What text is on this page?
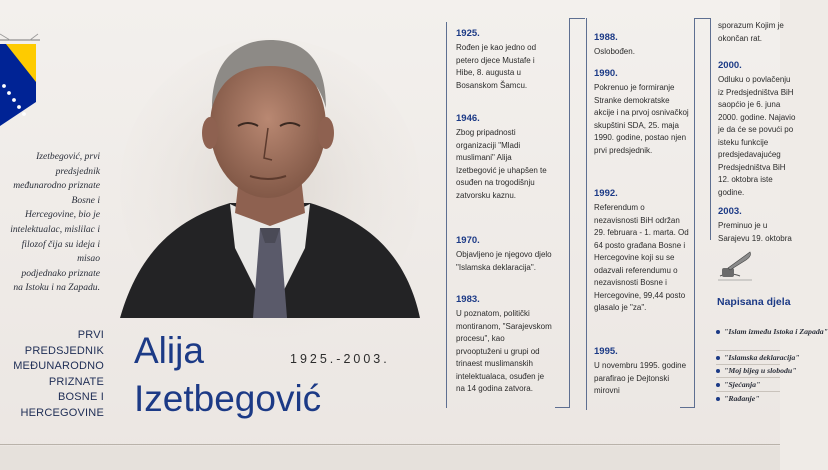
Izetbegović, prvi
predsjednik
međunarodno priznate
Bosne i
Hercegovine, bio je
intelektualac, mislilac i
filozof čija su ideja i misao
podjednako priznate
na Istoku i na Zapadu.
PRVI
PREDSJEDNIK
MEĐUNARODNO
PRIZNATE
BOSNE I HERCEGOVINE
Alija
Izetbegović
1925.-2003.
1925.
Rođen je kao jedno od petero djece Mustafe i Hibe, 8. augusta u Bosanskom Šamcu.
1946.
Zbog pripadnosti organizaciji "Mladi muslimani" Alija Izetbegović je uhapšen te osuđen na trogodišnju zatvorsku kaznu.
1970.
Objavljeno je njegovo djelo "Islamska deklaracija".
1983.
U poznatom, politički montiranom, "Sarajevskom procesu", kao prvooptuženi u grupi od trinaest muslimanskih intelektualaca, osuđen je na 14 godina zatvora.
1988.
Oslobođen.
1990.
Pokrenuo je formiranje Stranke demokratske akcije i na prvoj osnivačkoj skupštini SDA, 25. maja 1990. godine, postao njen prvi predsjednik.
1992.
Referendum o nezavisnosti BiH održan 29. februara - 1. marta. Od 64 posto građana Bosne i Hercegovine koji su se odazvali referendumu o nezavisnosti Bosne i Hercegovine, 99,44 posto glasalo je "za".
1995.
U novembru 1995. godine parafirao je Dejtonski mirovni
sporazum Kojim je okončan rat.
2000.
Odluku o povlačenju iz Predsjedništva BiH saopćio je 6. juna 2000. godine. Najavio je da će se povući po isteku funkcije predsjedavajućeg Predsjedništva BiH 12. oktobra iste godine.
2003.
Preminuo je u Sarajevu 19. oktobra
Napisana djela
"Islam između Istoka i Zapada"
"Islamska deklaracija"
"Moj bijeg u slobodu"
"Sjećanja"
"Rađanje"
